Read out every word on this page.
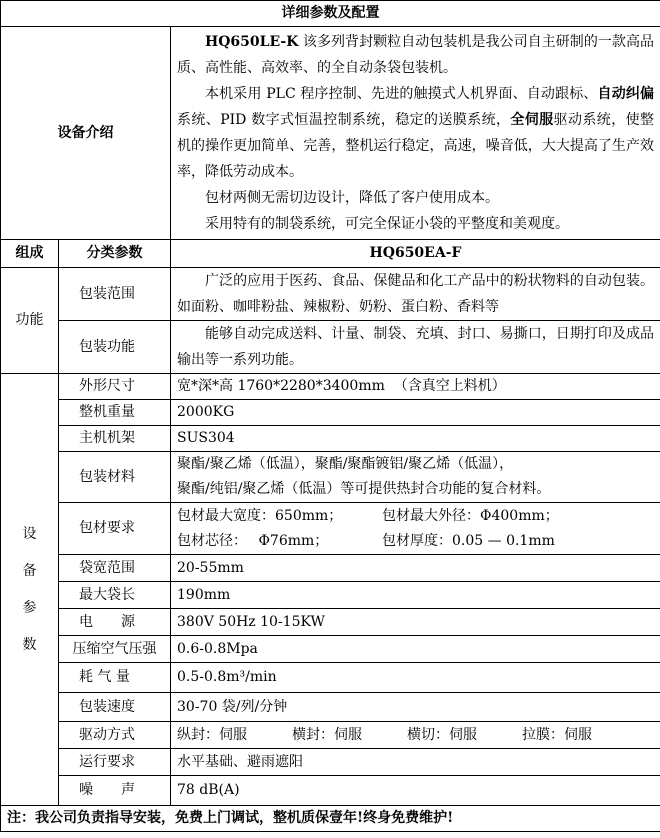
详细参数及配置		
设备介绍		HQ650LE-K 该多列背封颗粒自动包装机是我公司自主研制的一款高品质、高性能、高效率、的全自动条袋包装机。

本机采用 PLC 程序控制、先进的触摸式人机界面、自动跟标、自动纠偏系统、PID 数字式恒温控制系统，稳定的送膜系统，全伺服驱动系统，使整机的操作更加简单、完善，整机运行稳定，高速，噪音低，大大提高了生产效率，降低劳动成本。

包材两侧无需切边设计，降低了客户使用成本。

采用特有的制袋系统，可完全保证小袋的平整度和美观度。

组成	分类参数	HQ650EA-F
功能	包装范围	广泛的应用于医药、食品、保健品和化工产品中的粉状物料的自动包装。如面粉、咖啡粉盐、辣椒粉、奶粉、蛋白粉、香料等

	包装功能	能够自动完成送料、计量、制袋、充填、封口、易撕口，日期打印及成品输出等一系列功能。

设
备
参
数	外形尺寸	宽*深*高 1760*2280*3400mm （含真空上料机）
	整机重量	2000KG
	主机机架	SUS304
	包装材料	聚酯/聚乙烯（低温），聚酯/聚酯镀铝/聚乙烯（低温），
聚酯/纯铝/聚乙烯（低温）等可提供热封合功能的复合材料。

	包材要求	包材最大宽度：650mm； 包材最大外径：Φ400mm；
包材芯径：　 Φ76mm； 包材厚度：0.05 — 0.1mm

	袋宽范围	20-55mm
	最大袋长	190mm
	电　　源	380V 50Hz 10-15KW
	压缩空气压强	0.6-0.8Mpa
	耗 气 量	0.5-0.8m³/min
	包装速度	30-70 袋/列/分钟
	驱动方式	纵封：伺服 横封：伺服 横切：伺服 拉膜：伺服

	运行要求	水平基础、避雨遮阳
	噪　　声	78 dB(A)
注：我公司负责指导安装，免费上门调试，整机质保壹年!终身免费维护!		
